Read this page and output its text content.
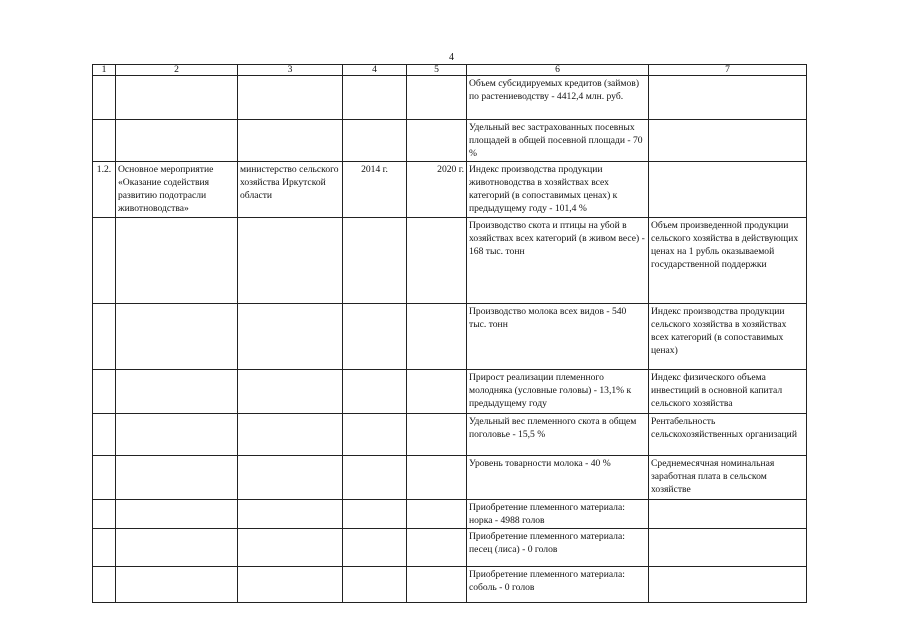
4
1	2	3	4	5	6	7
					Объем субсидируемых кредитов (займов) по растениеводству - 4412,4 млн. руб.	
					Удельный вес застрахованных посевных площадей в общей посевной площади - 70 %	
1.2.	Основное мероприятие «Оказание содействия развитию подотрасли животноводства»	министерство сельского хозяйства Иркутской области	2014 г.	2020 г.	Индекс производства продукции животноводства в хозяйствах всех категорий (в сопоставимых ценах) к предыдущему году - 101,4 %	
					Производство скота и птицы на убой в хозяйствах всех категорий (в живом весе) - 168 тыс. тонн	Объем произведенной продукции сельского хозяйства в действующих ценах на 1 рубль оказываемой государственной поддержки
					Производство молока всех видов - 540 тыс. тонн	Индекс производства продукции сельского хозяйства в хозяйствах всех категорий (в сопоставимых ценах)
					Прирост реализации племенного молодняка (условные головы) - 13,1% к предыдущему году	Индекс физического объема инвестиций в основной капитал сельского хозяйства
					Удельный вес племенного скота в общем поголовье - 15,5 %	Рентабельность сельскохозяйственных организаций
					Уровень товарности молока - 40 %	Среднемесячная номинальная заработная плата в сельском хозяйстве
					Приобретение племенного материала: норка - 4988 голов	
					Приобретение племенного материала: песец (лиса) - 0 голов	
					Приобретение племенного материала: соболь - 0 голов	
